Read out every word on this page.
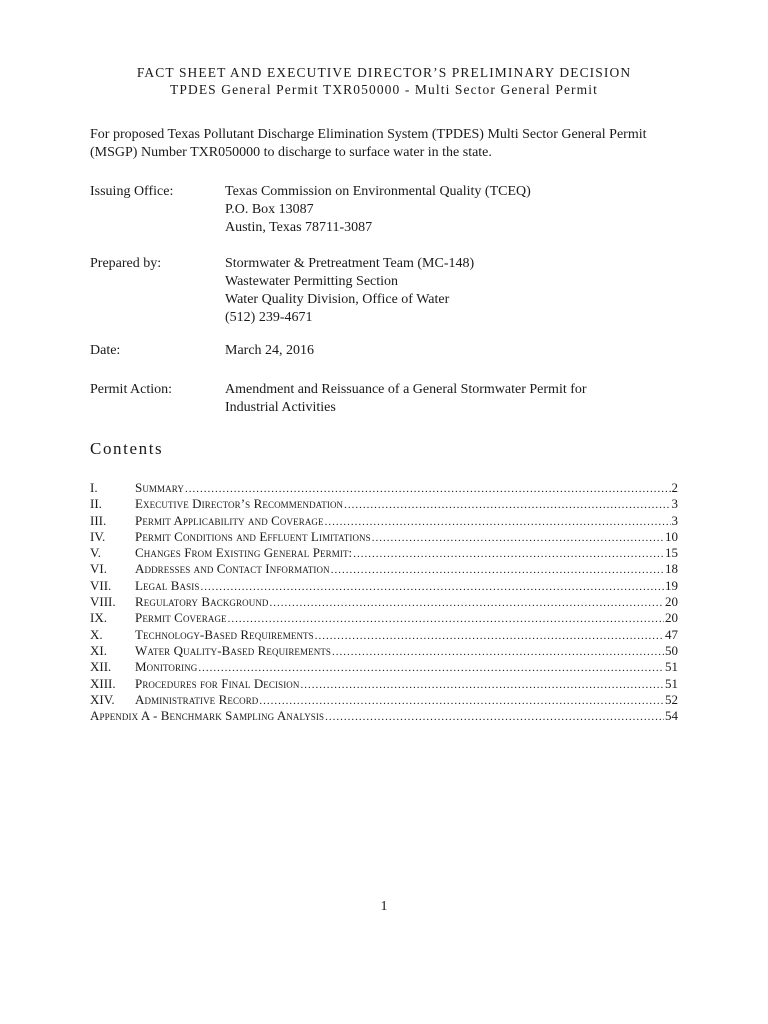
FACT SHEET AND EXECUTIVE DIRECTOR’S PRELIMINARY DECISION
TPDES General Permit TXR050000 - Multi Sector General Permit
For proposed Texas Pollutant Discharge Elimination System (TPDES) Multi Sector General Permit (MSGP) Number TXR050000 to discharge to surface water in the state.
Issuing Office:	Texas Commission on Environmental Quality (TCEQ)
P.O. Box 13087
Austin, Texas 78711-3087
Prepared by:	Stormwater & Pretreatment Team (MC-148)
Wastewater Permitting Section
Water Quality Division, Office of Water
(512) 239-4671
Date:	March 24, 2016
Permit Action:	Amendment and Reissuance of a General Stormwater Permit for
Industrial Activities
Contents
I.	Summary .....	2
II.	Executive Director’s Recommendation .....	3
III.	Permit Applicability and Coverage .....	3
IV.	Permit Conditions and Effluent Limitations .....	10
V.	Changes From Existing General Permit: .....	15
VI.	Addresses and Contact Information .....	18
VII.	Legal Basis .....	19
VIII.	Regulatory Background .....	20
IX.	Permit Coverage .....	20
X.	Technology-Based Requirements .....	47
XI.	Water Quality-Based Requirements .....	50
XII.	Monitoring .....	51
XIII.	Procedures for Final Decision .....	51
XIV.	Administrative Record .....	52
Appendix A - Benchmark Sampling Analysis .....	54
1
